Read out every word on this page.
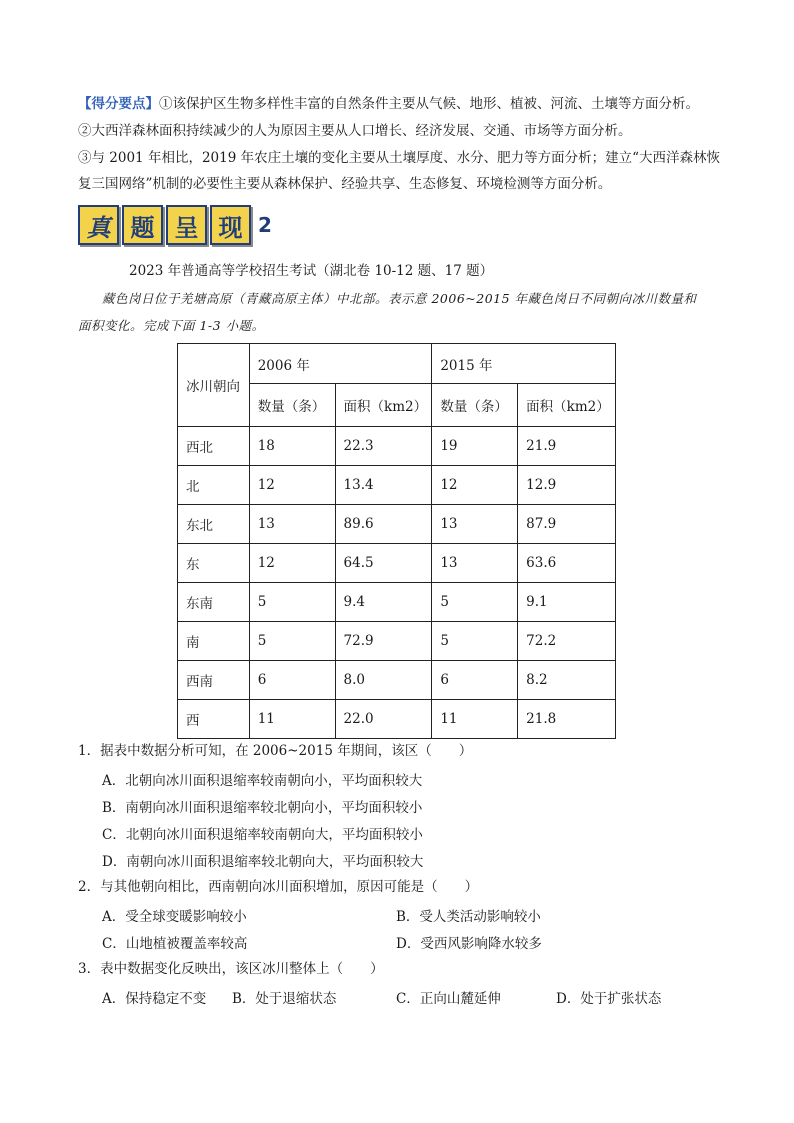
【得分要点】①该保护区生物多样性丰富的自然条件主要从气候、地形、植被、河流、土壤等方面分析。
②大西洋森林面积持续减少的人为原因主要从人口增长、经济发展、交通、市场等方面分析。
③与 2001 年相比，2019 年农庄土壤的变化主要从土壤厚度、水分、肥力等方面分析；建立“大西洋森林恢
复三国网络”机制的必要性主要从森林保护、经验共享、生态修复、环境检测等方面分析。
真 题 呈 现 2
2023 年普通高等学校招生考试（湖北卷 10-12 题、17 题）
藏色岗日位于羌塘高原（青藏高原主体）中北部。表示意 2006~2015 年藏色岗日不同朝向冰川数量和
面积变化。完成下面 1-3 小题。
冰川朝向	2006 年		2015 年	
	数量（条）	面积（km2）	数量（条）	面积（km2）
西北	18	22.3	19	21.9
北	12	13.4	12	12.9
东北	13	89.6	13	87.9
东	12	64.5	13	63.6
东南	5	9.4	5	9.1
南	5	72.9	5	72.2
西南	6	8.0	6	8.2
西	11	22.0	11	21.8
1．据表中数据分析可知，在 2006~2015 年期间，该区（　　）
A．北朝向冰川面积退缩率较南朝向小，平均面积较大
B．南朝向冰川面积退缩率较北朝向小，平均面积较小
C．北朝向冰川面积退缩率较南朝向大，平均面积较小
D．南朝向冰川面积退缩率较北朝向大，平均面积较大
2．与其他朝向相比，西南朝向冰川面积增加，原因可能是（　　）
A．受全球变暖影响较小	B．受人类活动影响较小
C．山地植被覆盖率较高	D．受西风影响降水较多
3．表中数据变化反映出，该区冰川整体上（　　）
A．保持稳定不变 B．处于退缩状态	C．正向山麓延伸	D．处于扩张状态
